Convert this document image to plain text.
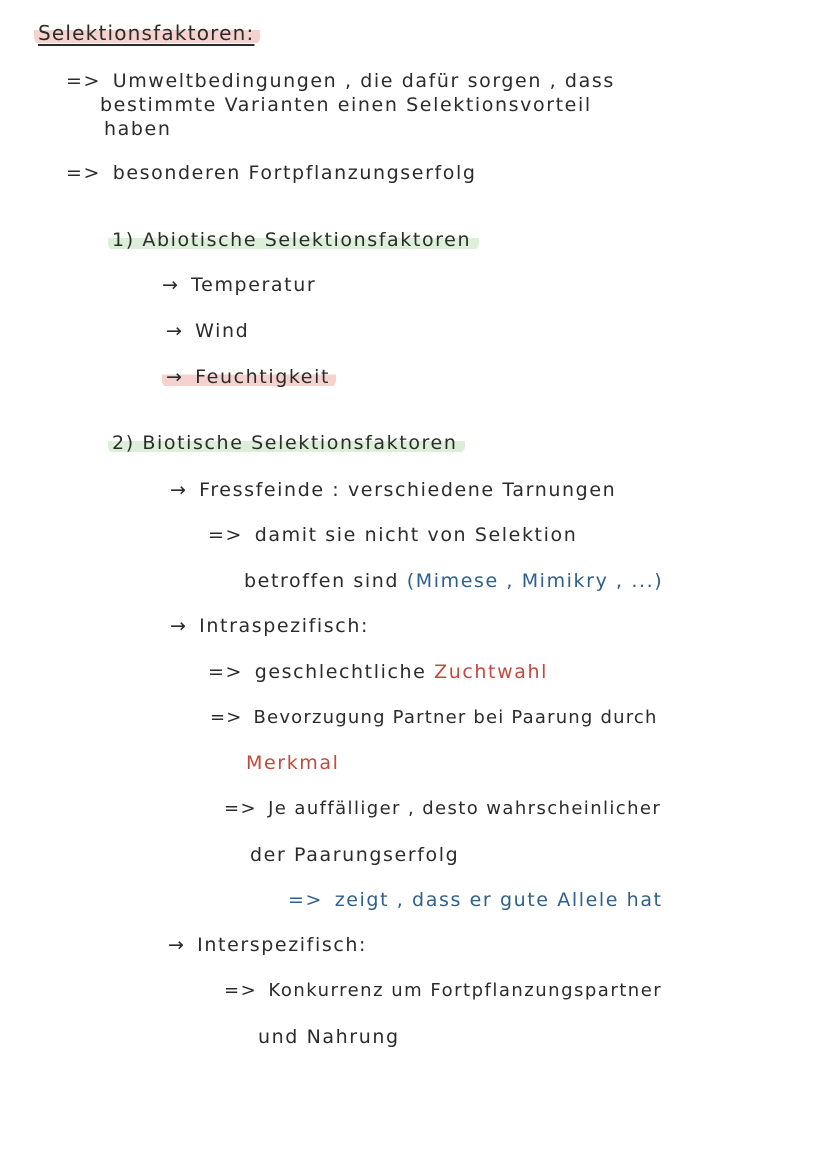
Selektionsfaktoren:
=> Umweltbedingungen , die dafür sorgen , dass
bestimmte Varianten einen Selektionsvorteil
haben
=> besonderen Fortpflanzungserfolg
1) Abiotische Selektionsfaktoren
→ Temperatur
→ Wind
→ Feuchtigkeit
2) Biotische Selektionsfaktoren
→ Fressfeinde : verschiedene Tarnungen
=> damit sie nicht von Selektion
betroffen sind (Mimese , Mimikry , ...)
→ Intraspezifisch:
=> geschlechtliche Zuchtwahl
=> Bevorzugung Partner bei Paarung durch
Merkmal
=> Je auffälliger , desto wahrscheinlicher
der Paarungserfolg
=> zeigt , dass er gute Allele hat
→ Interspezifisch:
=> Konkurrenz um Fortpflanzungspartner
und Nahrung
